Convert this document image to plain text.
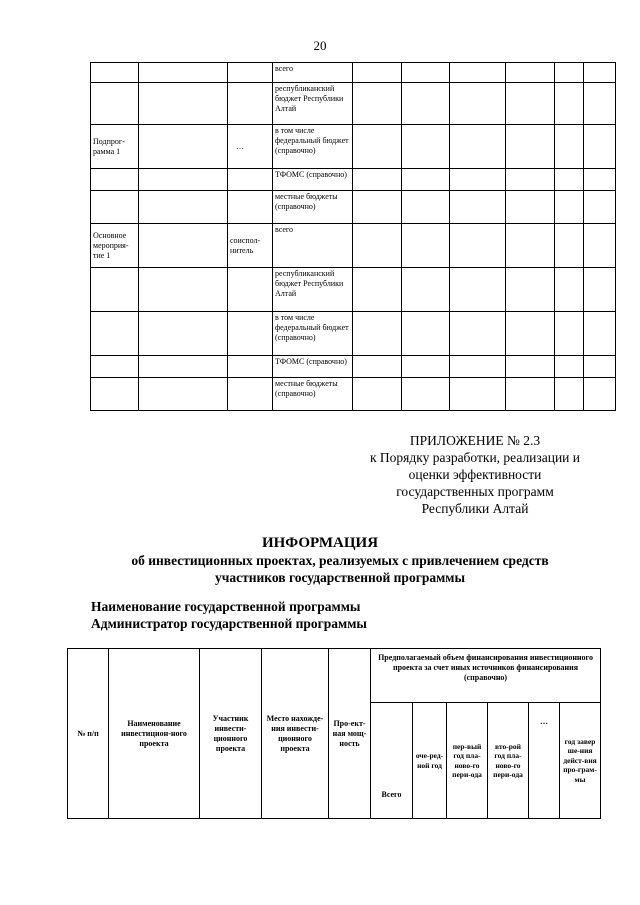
20
			всего						
			республиканский бюджет Республики Алтай						
Подпрог-рамма 1		…	в том числе федеральный бюджет (справочно)						
			ТФОМС (справочно)						
			местные бюджеты (справочно)						
Основное мероприя-тие 1		соиспол-нитель	всего						
			республиканский бюджет Республики Алтай						
			в том числе федеральный бюджет (справочно)						
			ТФОМС (справочно)						
			местные бюджеты (справочно)						
ПРИЛОЖЕНИЕ № 2.3
к Порядку разработки, реализации и
оценки эффективности
государственных программ
Республики Алтай
ИНФОРМАЦИЯ
об инвестиционных проектах, реализуемых с привлечением средств
участников государственной программы
Наименование государственной программы
Администратор государственной программы
№ п/п	Наименование инвестицион-ного проекта	Участник инвести-ционного проекта	Место нахожде-ния инвести-ционного проекта	Про-ект-ная мощ-ность	Предполагаемый объем финансирования инвестиционного проекта за счет иных источников финансирования (справочно)					
					Всего	оче-ред-ной год	пер-вый год пла-ново-го пери-ода	вто-рой год пла-ново-го пери-ода	…	год завер ше-ния дейст-вия про-грам-мы
